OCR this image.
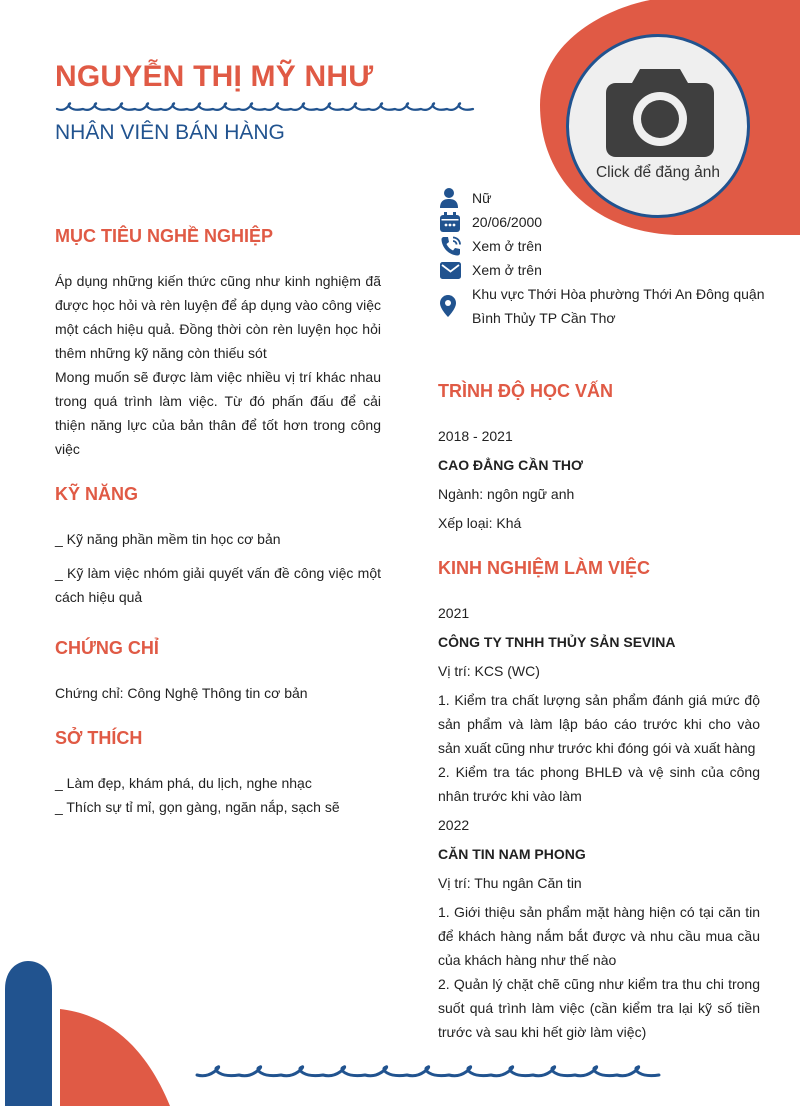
Click để đăng ảnh
NGUYỄN THỊ MỸ NHƯ
NHÂN VIÊN BÁN HÀNG
Nữ
20/06/2000
Xem ở trên
Xem ở trên
Khu vực Thới Hòa phường Thới An Đông quận
Bình Thủy TP Cần Thơ
MỤC TIÊU NGHỀ NGHIỆP
Áp dụng những kiến thức cũng như kinh nghiệm đã được học hỏi và rèn luyện để áp dụng vào công việc một cách hiệu quả. Đồng thời còn rèn luyện học hỏi thêm những kỹ năng còn thiếu sót
Mong muốn sẽ được làm việc nhiều vị trí khác nhau trong quá trình làm việc. Từ đó phấn đấu để cải thiện năng lực của bản thân để tốt hơn trong công việc
KỸ NĂNG
_ Kỹ năng phần mềm tin học cơ bản
_ Kỹ làm việc nhóm giải quyết vấn đề công việc một cách hiệu quả
CHỨNG CHỈ
Chứng chỉ: Công Nghệ Thông tin cơ bản
SỞ THÍCH
_ Làm đẹp, khám phá, du lịch, nghe nhạc
_ Thích sự tỉ mỉ, gọn gàng, ngăn nắp, sạch sẽ
TRÌNH ĐỘ HỌC VẤN
2018 - 2021
CAO ĐẲNG CẦN THƠ
Ngành: ngôn ngữ anh
Xếp loại: Khá
KINH NGHIỆM LÀM VIỆC
2021
CÔNG TY TNHH THỦY SẢN SEVINA
Vị trí: KCS (WC)
1. Kiểm tra chất lượng sản phẩm đánh giá mức độ sản phẩm và làm lập báo cáo trước khi cho vào sản xuất cũng như trước khi đóng gói và xuất hàng
2. Kiểm tra tác phong BHLĐ và vệ sinh của công nhân trước khi vào làm
2022
CĂN TIN NAM PHONG
Vị trí: Thu ngân Căn tin
1. Giới thiệu sản phẩm mặt hàng hiện có tại căn tin để khách hàng nắm bắt được và nhu cầu mua cầu của khách hàng như thế nào
2. Quản lý chặt chẽ cũng như kiểm tra thu chi trong suốt quá trình làm việc (cần kiểm tra lại kỹ số tiền trước và sau khi hết giờ làm việc)
